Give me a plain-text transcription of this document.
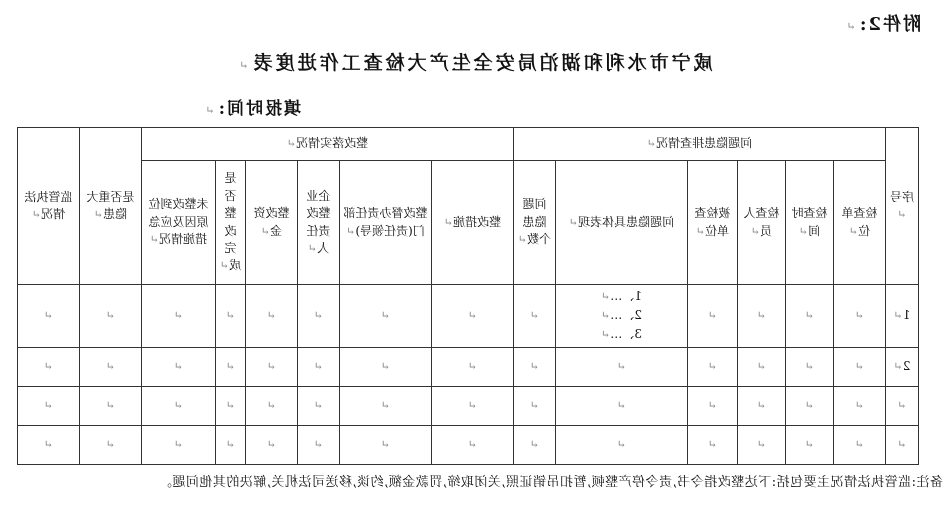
附件2:↵
咸宁市水利和湖泊局安全生产大检查工作进度表↵
填报时间:↵
序号↵	问题隐患排查情况↵						整改落实情况↵						是否重大隐患↵	监管执法情况↵
	检查单位↵	检查时间↵	检查人员↵	被检查单位↵	问题隐患具体表现↵	问题隐患个数↵	整改措施↵	整改督办责任部门(责任领导)↵	企业整改责任人↵	整改资金↵	是否整改完成↵	未整改到位原因及应急措施情况↵		
1↵	↵	↵	↵	↵	1、…↵
2、…↵
3、…↵	↵	↵	↵	↵	↵	↵	↵	↵	↵
2↵	↵	↵	↵	↵	↵	↵	↵	↵	↵	↵	↵	↵	↵	↵
↵	↵	↵	↵	↵	↵	↵	↵	↵	↵	↵	↵	↵	↵	↵
↵	↵	↵	↵	↵	↵	↵	↵	↵	↵	↵	↵	↵	↵	↵
备注:监管执法情况主要包括:下达整改指令书,责令停产整顿,暂扣吊销证照,关闭取缔,罚款金额,约谈,移送司法机关,解决的其他问题。
